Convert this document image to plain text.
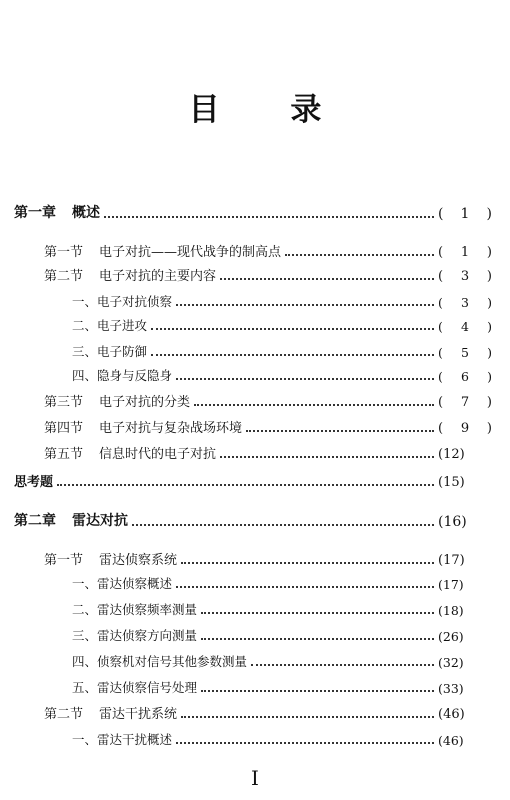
目 录
第一章 概述	( 1 )
第一节 电子对抗——现代战争的制高点	( 1 )
第二节 电子对抗的主要内容	( 3 )
一、电子对抗侦察	( 3 )
二、电子进攻	( 4 )
三、电子防御	( 5 )
四、隐身与反隐身	( 6 )
第三节 电子对抗的分类	( 7 )
第四节 电子对抗与复杂战场环境	( 9 )
第五节 信息时代的电子对抗	(12)
思考题	(15)
第二章 雷达对抗	(16)
第一节 雷达侦察系统	(17)
一、雷达侦察概述	(17)
二、雷达侦察频率测量	(18)
三、雷达侦察方向测量	(26)
四、侦察机对信号其他参数测量	(32)
五、雷达侦察信号处理	(33)
第二节 雷达干扰系统	(46)
一、雷达干扰概述	(46)
I
